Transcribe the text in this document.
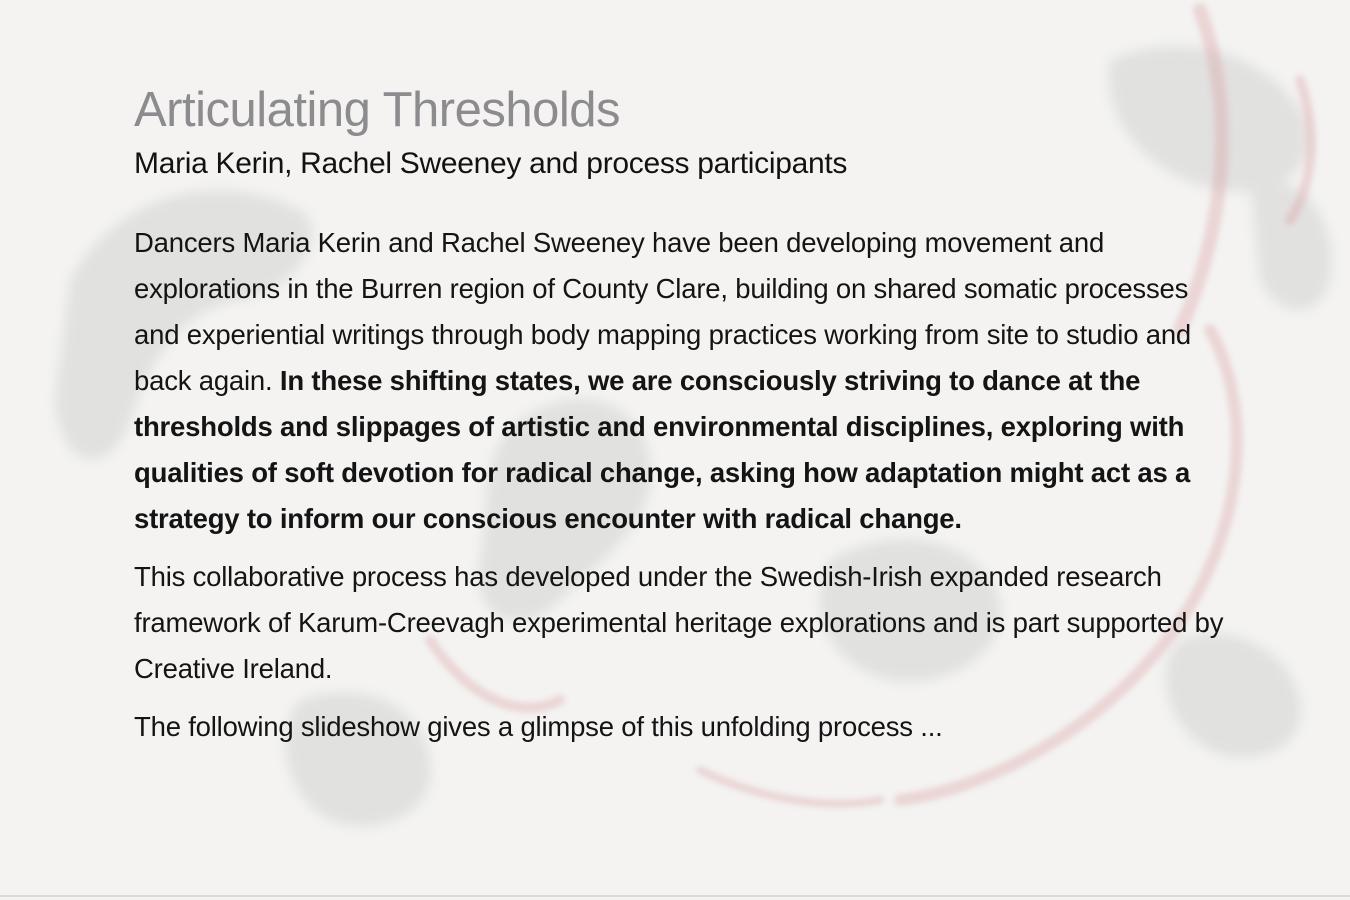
Articulating Thresholds
Maria Kerin, Rachel Sweeney and process participants

Dancers Maria Kerin and Rachel Sweeney have been developing movement and explorations in the Burren region of County Clare, building on shared somatic processes and experiential writings through body mapping practices working from site to studio and back again. In these shifting states, we are consciously striving to dance at the thresholds and slippages of artistic and environmental disciplines, exploring with qualities of soft devotion for radical change, asking how adaptation might act as a strategy to inform our conscious encounter with radical change.

This collaborative process has developed under the Swedish-Irish expanded research framework of Karum-Creevagh experimental heritage explorations and is part supported by Creative Ireland.

The following slideshow gives a glimpse of this unfolding process ...
